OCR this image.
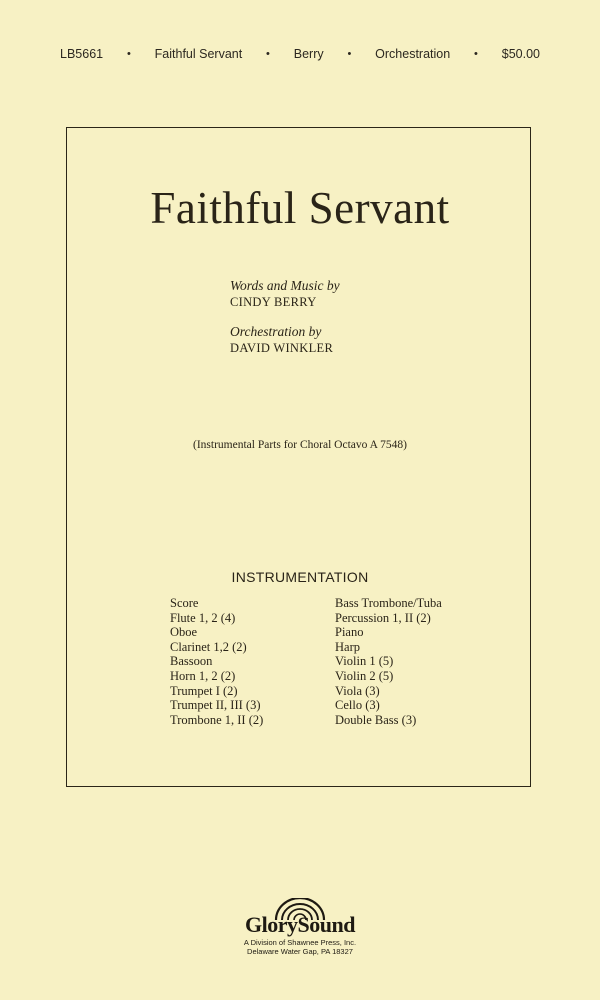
LB5661 • Faithful Servant • Berry • Orchestration • $50.00
Faithful Servant
Words and Music by
CINDY BERRY
Orchestration by
DAVID WINKLER
(Instrumental Parts for Choral Octavo A 7548)
INSTRUMENTATION
Score
Flute 1, 2 (4)
Oboe
Clarinet 1,2 (2)
Bassoon
Horn 1, 2 (2)
Trumpet I (2)
Trumpet II, III (3)
Trombone 1, II (2)
Bass Trombone/Tuba
Percussion 1, II (2)
Piano
Harp
Violin 1 (5)
Violin 2 (5)
Viola (3)
Cello (3)
Double Bass (3)
GlorySound
A Division of Shawnee Press, Inc.
Delaware Water Gap, PA 18327
